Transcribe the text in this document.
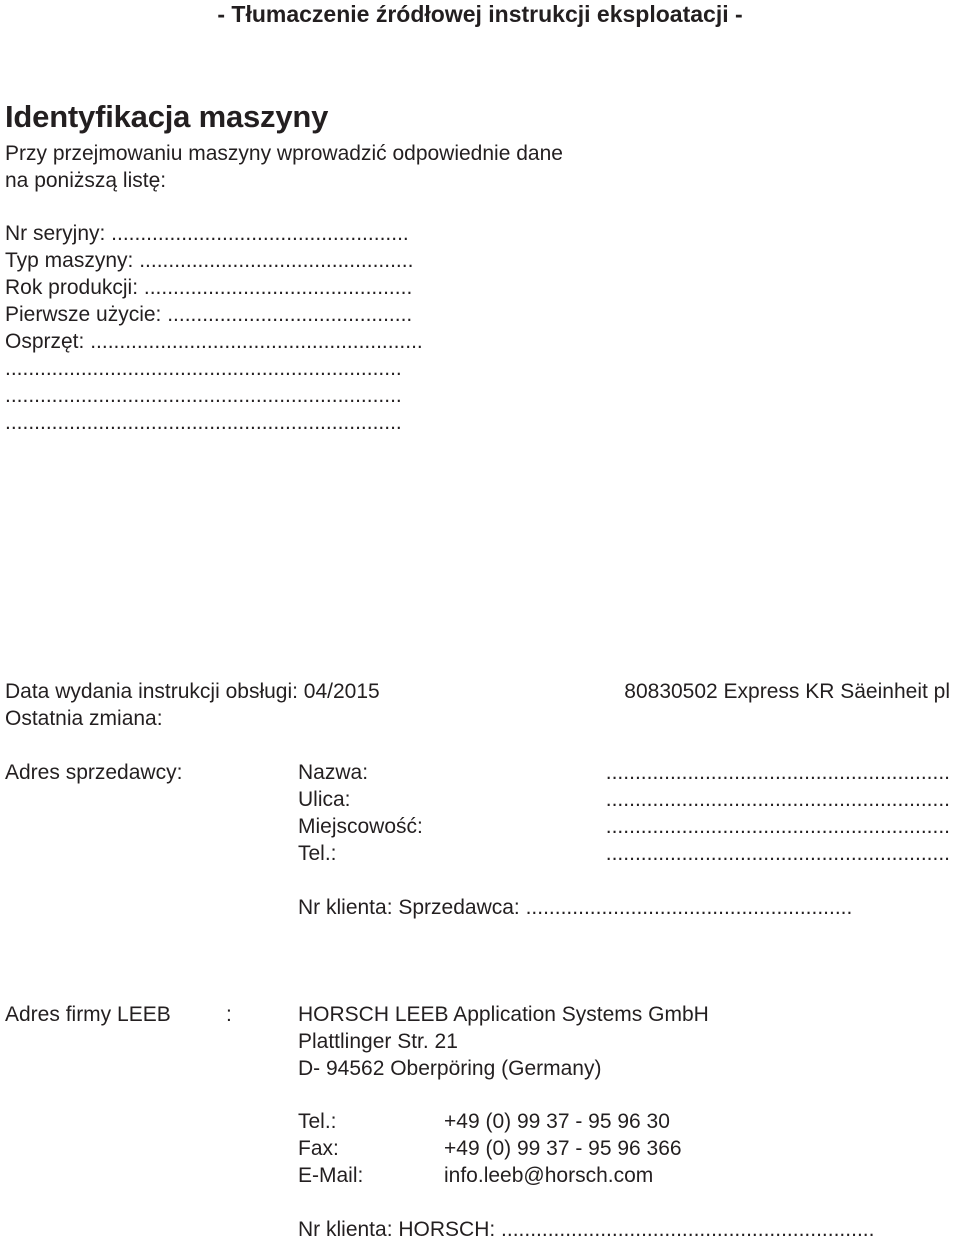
- Tłumaczenie źródłowej instrukcji eksploatacji -
Identyfikacja maszyny
Przy przejmowaniu maszyny wprowadzić odpowiednie dane
na poniższą listę:
Nr seryjny: ...................................................
Typ maszyny: ...............................................
Rok produkcji: ..............................................
Pierwsze użycie: ..........................................
Osprzęt: .........................................................
....................................................................
....................................................................
....................................................................
Data wydania instrukcji obsługi: 04/2015	80830502 Express KR Säeinheit pl
Ostatnia zmiana:
Adres sprzedawcy:	Nazwa:	...........................................................
Ulica:	...........................................................
Miejscowość:	...........................................................
Tel.:	...........................................................
Nr klienta: Sprzedawca: ........................................................
Adres firmy LEEB	:	HORSCH LEEB Application Systems GmbH
Plattlinger Str. 21
D- 94562 Oberpöring (Germany)
Tel.:	+49 (0) 99 37 - 95 96 30
Fax:	+49 (0) 99 37 - 95 96 366
E-Mail:	info.leeb@horsch.com
Nr klienta: HORSCH: ................................................................
